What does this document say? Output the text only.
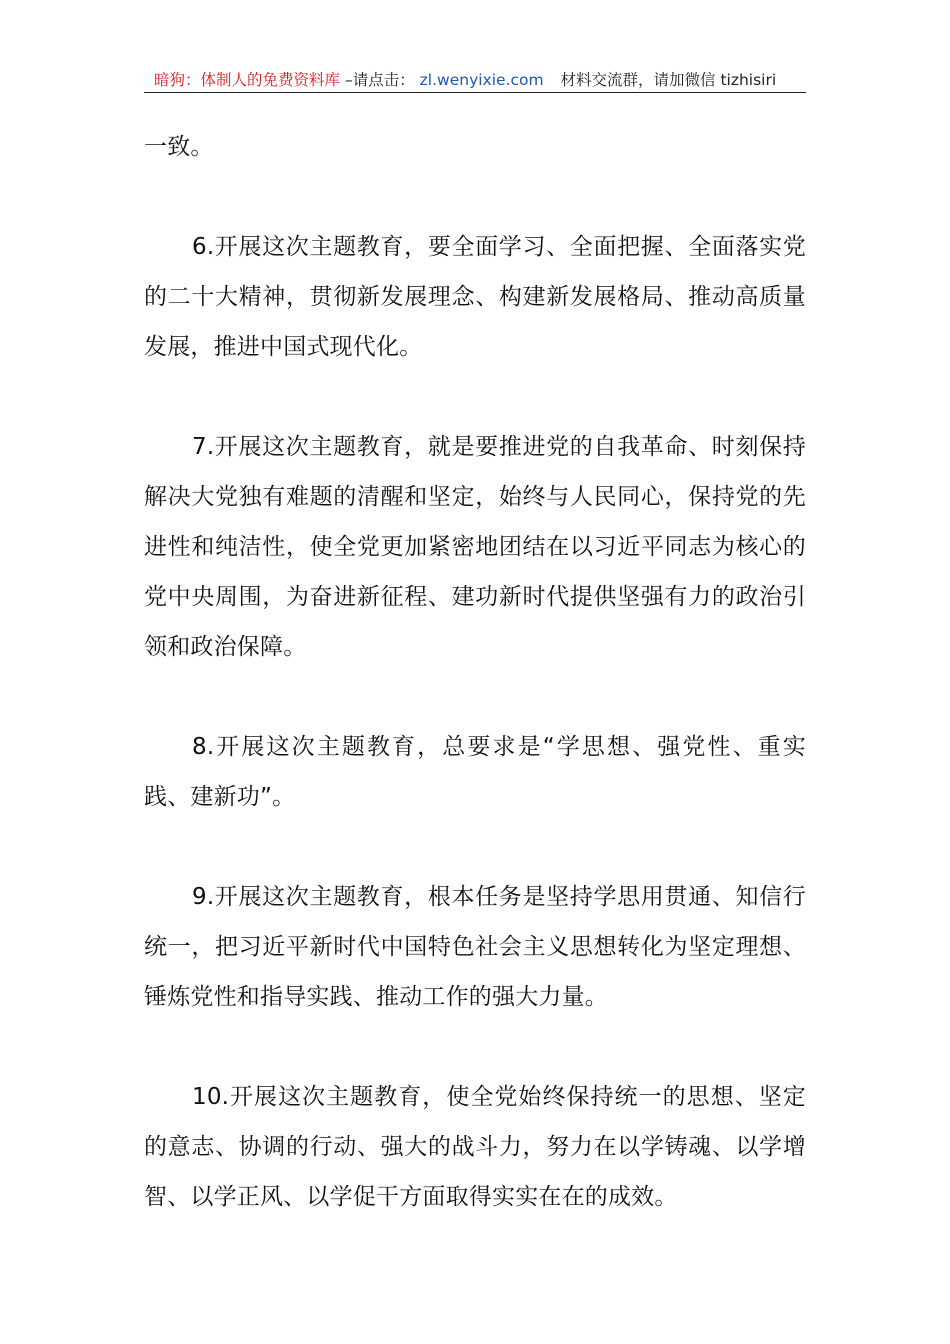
暗狗：体制人的免费资料库 –请点击： zl.wenyixie.com 材料交流群，请加微信 tizhisiri

一致。

6.开展这次主题教育，要全面学习、全面把握、全面落实党的二十大精神，贯彻新发展理念、构建新发展格局、推动高质量发展，推进中国式现代化。

7.开展这次主题教育，就是要推进党的自我革命、时刻保持解决大党独有难题的清醒和坚定，始终与人民同心，保持党的先进性和纯洁性，使全党更加紧密地团结在以习近平同志为核心的党中央周围，为奋进新征程、建功新时代提供坚强有力的政治引领和政治保障。

8.开展这次主题教育，总要求是“学思想、强党性、重实践、建新功”。

9.开展这次主题教育，根本任务是坚持学思用贯通、知信行统一，把习近平新时代中国特色社会主义思想转化为坚定理想、锤炼党性和指导实践、推动工作的强大力量。

10.开展这次主题教育，使全党始终保持统一的思想、坚定的意志、协调的行动、强大的战斗力，努力在以学铸魂、以学增智、以学正风、以学促干方面取得实实在在的成效。
